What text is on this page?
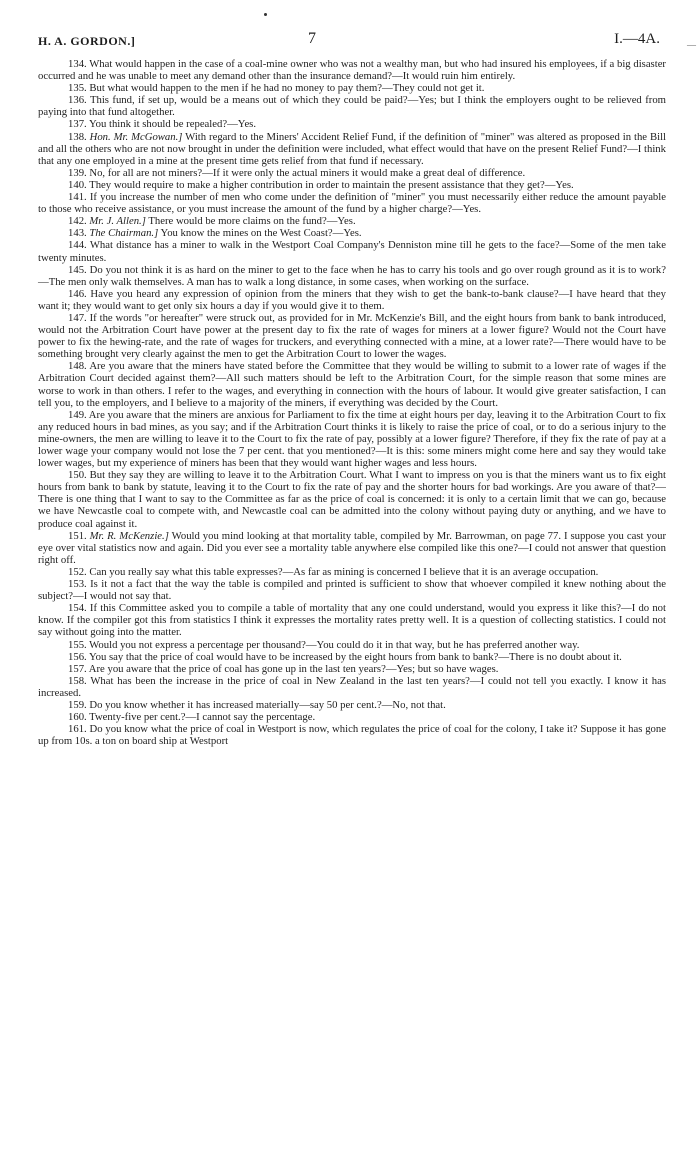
H. A. GORDON.]	7	I.—4A.	—

134. What would happen in the case of a coal-mine owner who was not a wealthy man, but who had insured his employees, if a big disaster occurred and he was unable to meet any demand other than the insurance demand?—It would ruin him entirely.

135. But what would happen to the men if he had no money to pay them?—They could not get it.

136. This fund, if set up, would be a means out of which they could be paid?—Yes; but I think the employers ought to be relieved from paying into that fund altogether.

137. You think it should be repealed?—Yes.

138. Hon. Mr. McGowan.] With regard to the Miners' Accident Relief Fund, if the definition of "miner" was altered as proposed in the Bill and all the others who are not now brought in under the definition were included, what effect would that have on the present Relief Fund?—I think that any one employed in a mine at the present time gets relief from that fund if necessary.

139. No, for all are not miners?—If it were only the actual miners it would make a great deal of difference.

140. They would require to make a higher contribution in order to maintain the present assistance that they get?—Yes.

141. If you increase the number of men who come under the definition of "miner" you must necessarily either reduce the amount payable to those who receive assistance, or you must increase the amount of the fund by a higher charge?—Yes.

142. Mr. J. Allen.] There would be more claims on the fund?—Yes.

143. The Chairman.] You know the mines on the West Coast?—Yes.

144. What distance has a miner to walk in the Westport Coal Company's Denniston mine till he gets to the face?—Some of the men take twenty minutes.

145. Do you not think it is as hard on the miner to get to the face when he has to carry his tools and go over rough ground as it is to work?—The men only walk themselves. A man has to walk a long distance, in some cases, when working on the surface.

146. Have you heard any expression of opinion from the miners that they wish to get the bank-to-bank clause?—I have heard that they want it; they would want to get only six hours a day if you would give it to them.

147. If the words "or hereafter" were struck out, as provided for in Mr. McKenzie's Bill, and the eight hours from bank to bank introduced, would not the Arbitration Court have power at the present day to fix the rate of wages for miners at a lower figure? Would not the Court have power to fix the hewing-rate, and the rate of wages for truckers, and everything connected with a mine, at a lower rate?—There would have to be something brought very clearly against the men to get the Arbitration Court to lower the wages.

148. Are you aware that the miners have stated before the Committee that they would be willing to submit to a lower rate of wages if the Arbitration Court decided against them?—All such matters should be left to the Arbitration Court, for the simple reason that some mines are worse to work in than others. I refer to the wages, and everything in connection with the hours of labour. It would give greater satisfaction, I can tell you, to the employers, and I believe to a majority of the miners, if everything was decided by the Court.

149. Are you aware that the miners are anxious for Parliament to fix the time at eight hours per day, leaving it to the Arbitration Court to fix any reduced hours in bad mines, as you say; and if the Arbitration Court thinks it is likely to raise the price of coal, or to do a serious injury to the mine-owners, the men are willing to leave it to the Court to fix the rate of pay, possibly at a lower figure? Therefore, if they fix the rate of pay at a lower wage your company would not lose the 7 per cent. that you mentioned?—It is this: some miners might come here and say they would take lower wages, but my experience of miners has been that they would want higher wages and less hours.

150. But they say they are willing to leave it to the Arbitration Court. What I want to impress on you is that the miners want us to fix eight hours from bank to bank by statute, leaving it to the Court to fix the rate of pay and the shorter hours for bad workings. Are you aware of that?—There is one thing that I want to say to the Committee as far as the price of coal is concerned: it is only to a certain limit that we can go, because we have Newcastle coal to compete with, and Newcastle coal can be admitted into the colony without paying duty or anything, and we have to produce coal against it.

151. Mr. R. McKenzie.] Would you mind looking at that mortality table, compiled by Mr. Barrowman, on page 77. I suppose you cast your eye over vital statistics now and again. Did you ever see a mortality table anywhere else compiled like this one?—I could not answer that question right off.

152. Can you really say what this table expresses?—As far as mining is concerned I believe that it is an average occupation.

153. Is it not a fact that the way the table is compiled and printed is sufficient to show that whoever compiled it knew nothing about the subject?—I would not say that.

154. If this Committee asked you to compile a table of mortality that any one could understand, would you express it like this?—I do not know. If the compiler got this from statistics I think it expresses the mortality rates pretty well. It is a question of collecting statistics. I could not say without going into the matter.

155. Would you not express a percentage per thousand?—You could do it in that way, but he has preferred another way.

156. You say that the price of coal would have to be increased by the eight hours from bank to bank?—There is no doubt about it.

157. Are you aware that the price of coal has gone up in the last ten years?—Yes; but so have wages.

158. What has been the increase in the price of coal in New Zealand in the last ten years?—I could not tell you exactly. I know it has increased.

159. Do you know whether it has increased materially—say 50 per cent.?—No, not that.

160. Twenty-five per cent.?—I cannot say the percentage.

161. Do you know what the price of coal in Westport is now, which regulates the price of coal for the colony, I take it? Suppose it has gone up from 10s. a ton on board ship at Westport
